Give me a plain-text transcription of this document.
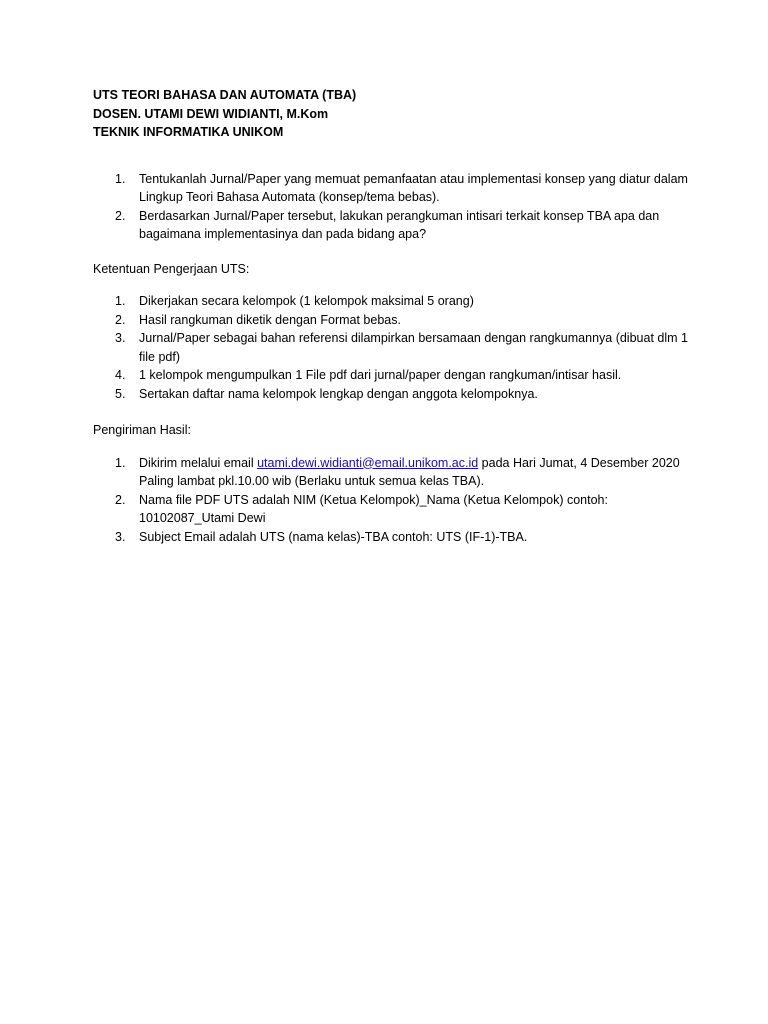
UTS TEORI BAHASA DAN AUTOMATA (TBA)

DOSEN. UTAMI DEWI WIDIANTI, M.Kom

TEKNIK INFORMATIKA UNIKOM

1. Tentukanlah Jurnal/Paper yang memuat pemanfaatan atau implementasi konsep yang diatur dalam Lingkup Teori Bahasa Automata (konsep/tema bebas).
2. Berdasarkan Jurnal/Paper tersebut, lakukan perangkuman intisari terkait konsep TBA apa dan bagaimana implementasinya dan pada bidang apa?

Ketentuan Pengerjaan UTS:

1. Dikerjakan secara kelompok (1 kelompok maksimal 5 orang)
2. Hasil rangkuman diketik dengan Format bebas.
3. Jurnal/Paper sebagai bahan referensi dilampirkan bersamaan dengan rangkumannya (dibuat dlm 1 file pdf)
4. 1 kelompok mengumpulkan 1 File pdf dari jurnal/paper dengan rangkuman/intisar hasil.
5. Sertakan daftar nama kelompok lengkap dengan anggota kelompoknya.

Pengiriman Hasil:

1. Dikirim melalui email utami.dewi.widianti@email.unikom.ac.id pada Hari Jumat, 4 Desember 2020 Paling lambat pkl.10.00 wib (Berlaku untuk semua kelas TBA).
2. Nama file PDF UTS adalah NIM (Ketua Kelompok)_Nama (Ketua Kelompok) contoh: 10102087_Utami Dewi
3. Subject Email adalah UTS (nama kelas)-TBA contoh: UTS (IF-1)-TBA.
